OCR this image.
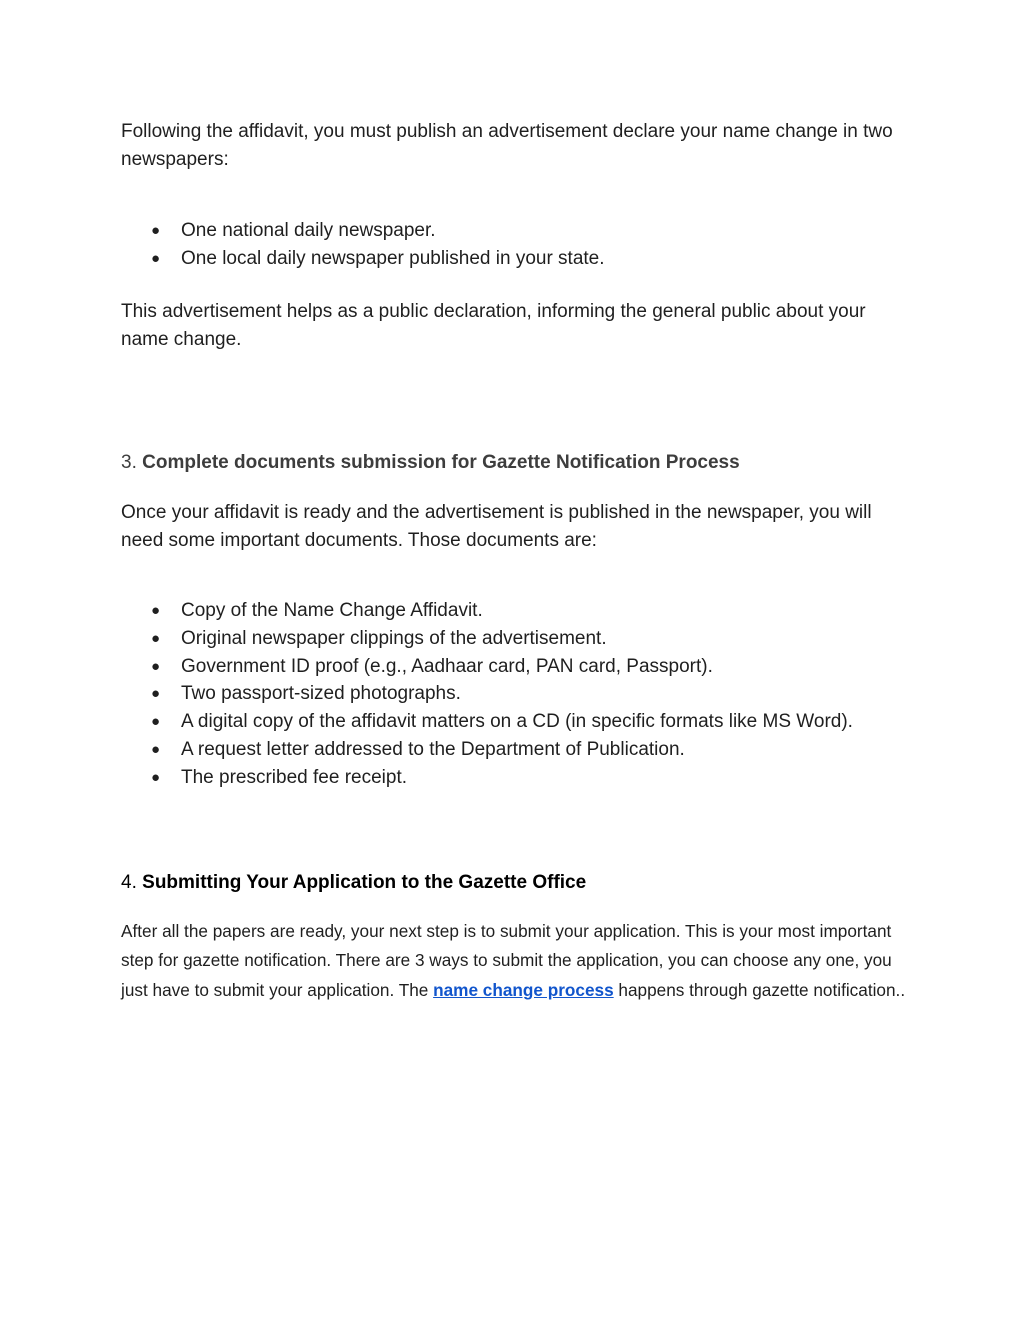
Following the affidavit, you must publish an advertisement declare your name change in two newspapers:

● One national daily newspaper.
● One local daily newspaper published in your state.

This advertisement helps as a public declaration, informing the general public about your name change.

3. Complete documents submission for Gazette Notification Process

Once your affidavit is ready and the advertisement is published in the newspaper, you will need some important documents. Those documents are:

● Copy of the Name Change Affidavit.
● Original newspaper clippings of the advertisement.
● Government ID proof (e.g., Aadhaar card, PAN card, Passport).
● Two passport-sized photographs.
● A digital copy of the affidavit matters on a CD (in specific formats like MS Word).
● A request letter addressed to the Department of Publication.
● The prescribed fee receipt.
4. Submitting Your Application to the Gazette Office

After all the papers are ready, your next step is to submit your application. This is your most important step for gazette notification. There are 3 ways to submit the application, you can choose any one, you just have to submit your application. The name change process happens through gazette notification..
